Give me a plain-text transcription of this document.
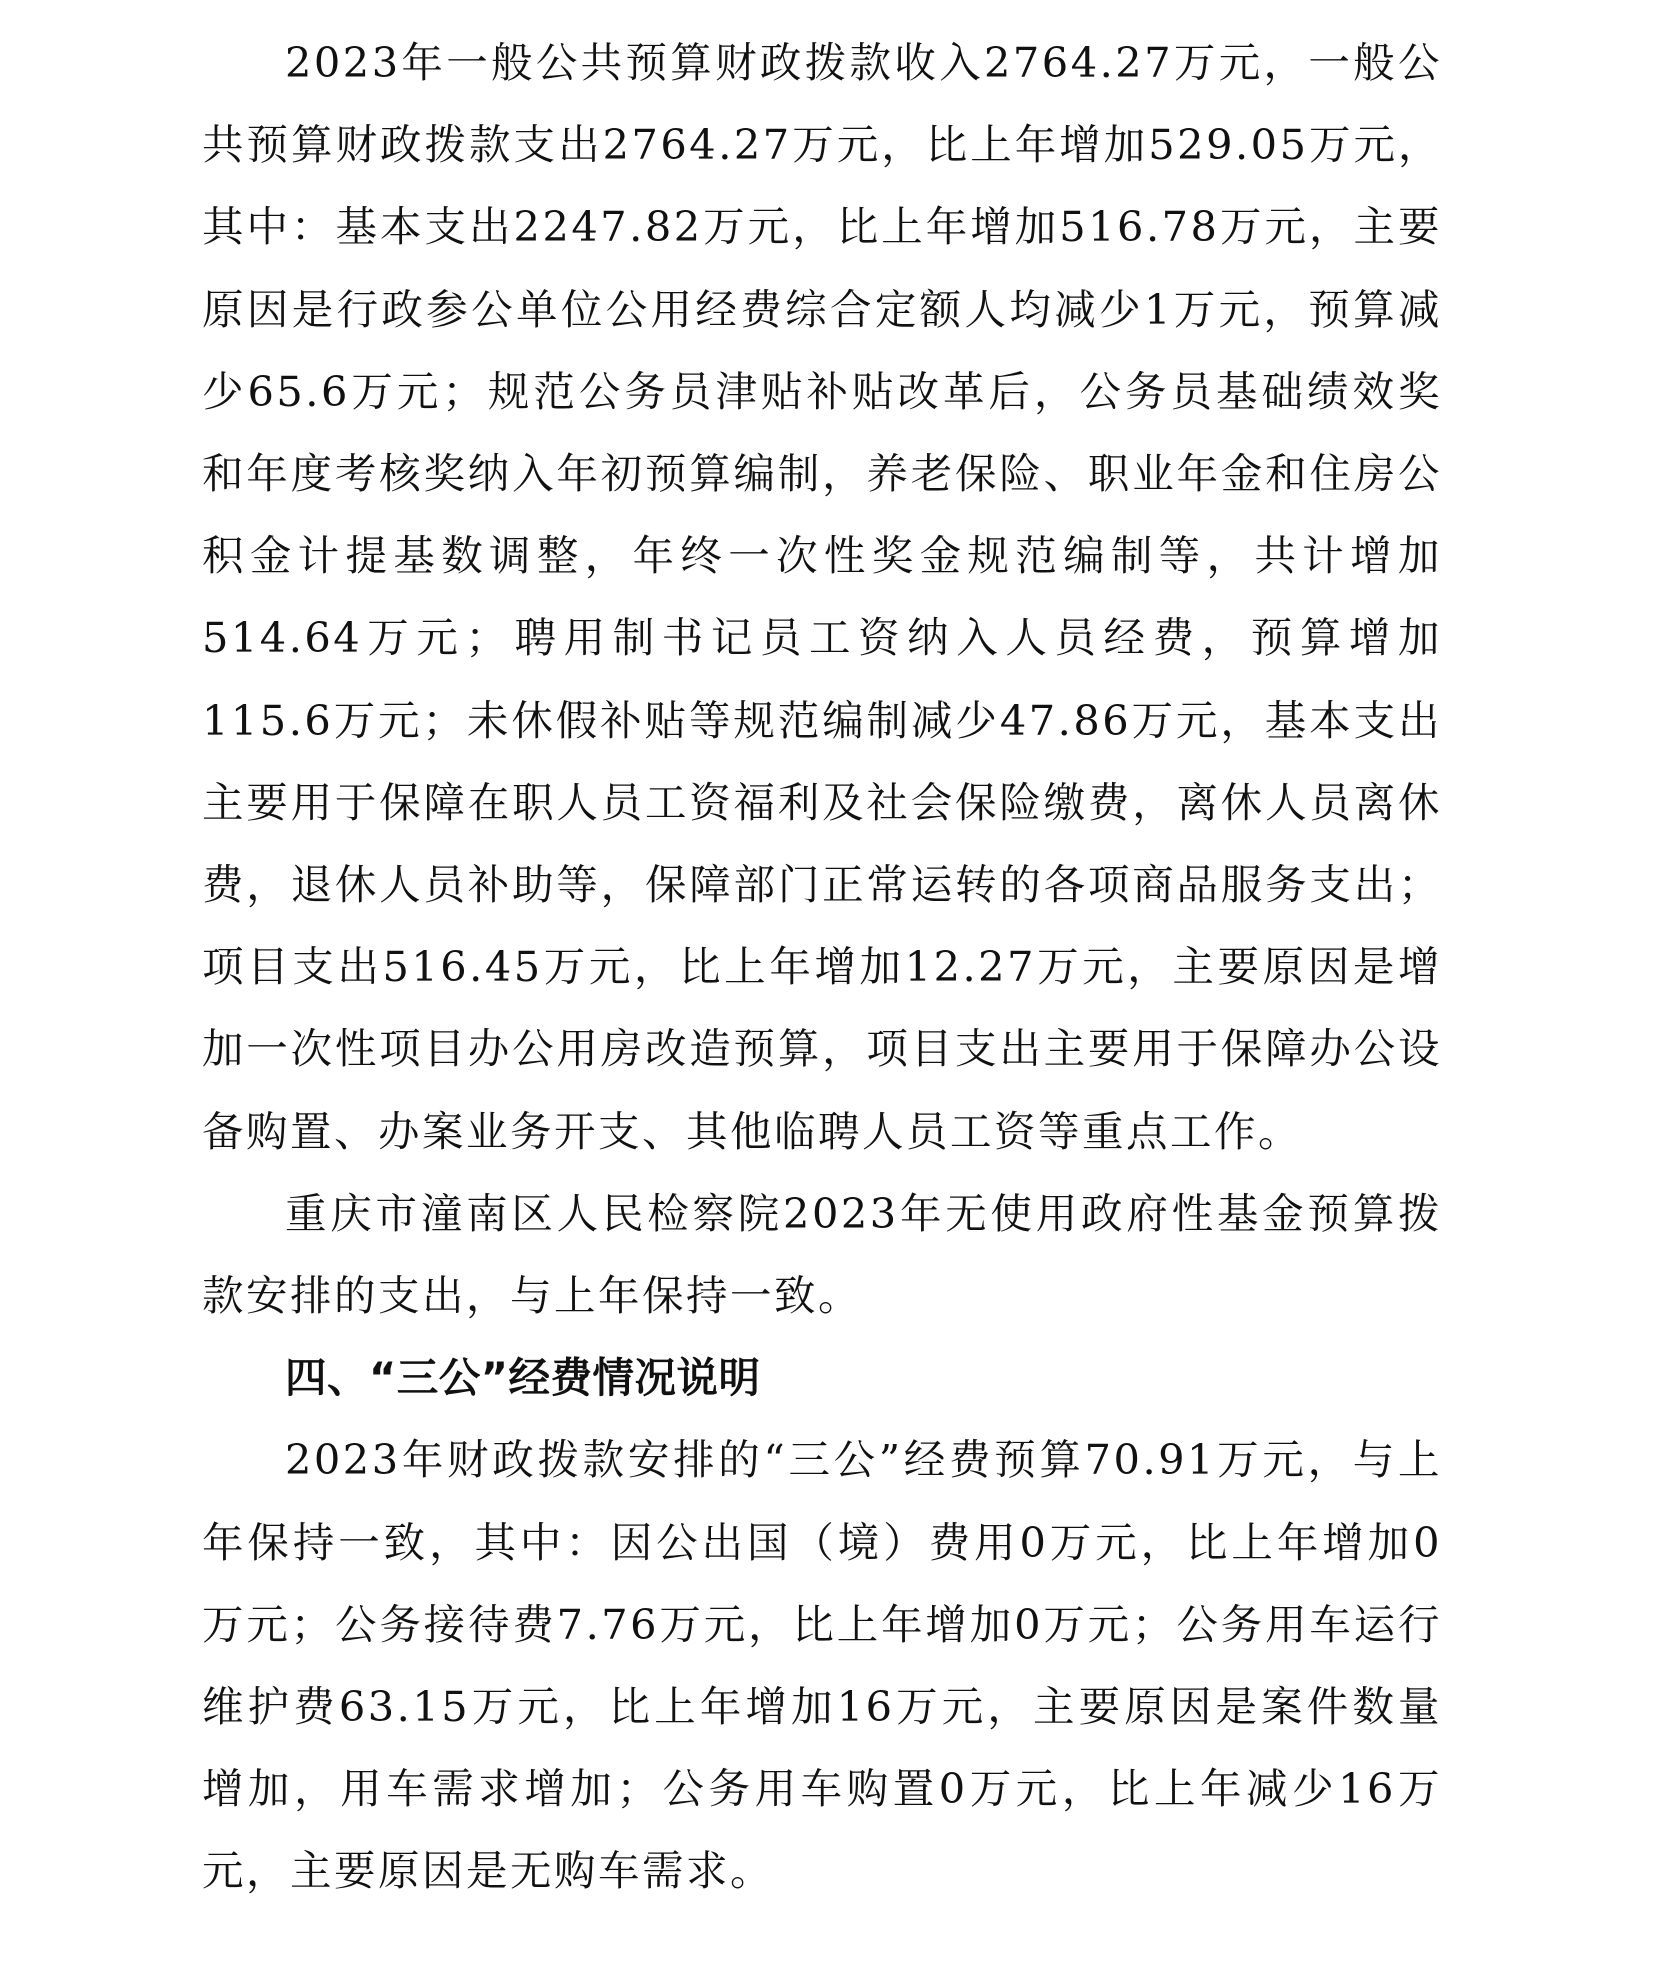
2023年一般公共预算财政拨款收入2764.27万元，一般公共预算财政拨款支出2764.27万元，比上年增加529.05万元，其中：基本支出2247.82万元，比上年增加516.78万元，主要原因是行政参公单位公用经费综合定额人均减少1万元，预算减少65.6万元；规范公务员津贴补贴改革后，公务员基础绩效奖和年度考核奖纳入年初预算编制，养老保险、职业年金和住房公积金计提基数调整，年终一次性奖金规范编制等，共计增加514.64万元；聘用制书记员工资纳入人员经费，预算增加115.6万元；未休假补贴等规范编制减少47.86万元，基本支出主要用于保障在职人员工资福利及社会保险缴费，离休人员离休费，退休人员补助等，保障部门正常运转的各项商品服务支出；项目支出516.45万元，比上年增加12.27万元，主要原因是增加一次性项目办公用房改造预算，项目支出主要用于保障办公设备购置、办案业务开支、其他临聘人员工资等重点工作。

重庆市潼南区人民检察院2023年无使用政府性基金预算拨款安排的支出，与上年保持一致。

四、“三公”经费情况说明

2023年财政拨款安排的“三公”经费预算70.91万元，与上年保持一致，其中：因公出国（境）费用0万元，比上年增加0万元；公务接待费7.76万元，比上年增加0万元；公务用车运行维护费63.15万元，比上年增加16万元，主要原因是案件数量增加，用车需求增加；公务用车购置0万元，比上年减少16万元，主要原因是无购车需求。
